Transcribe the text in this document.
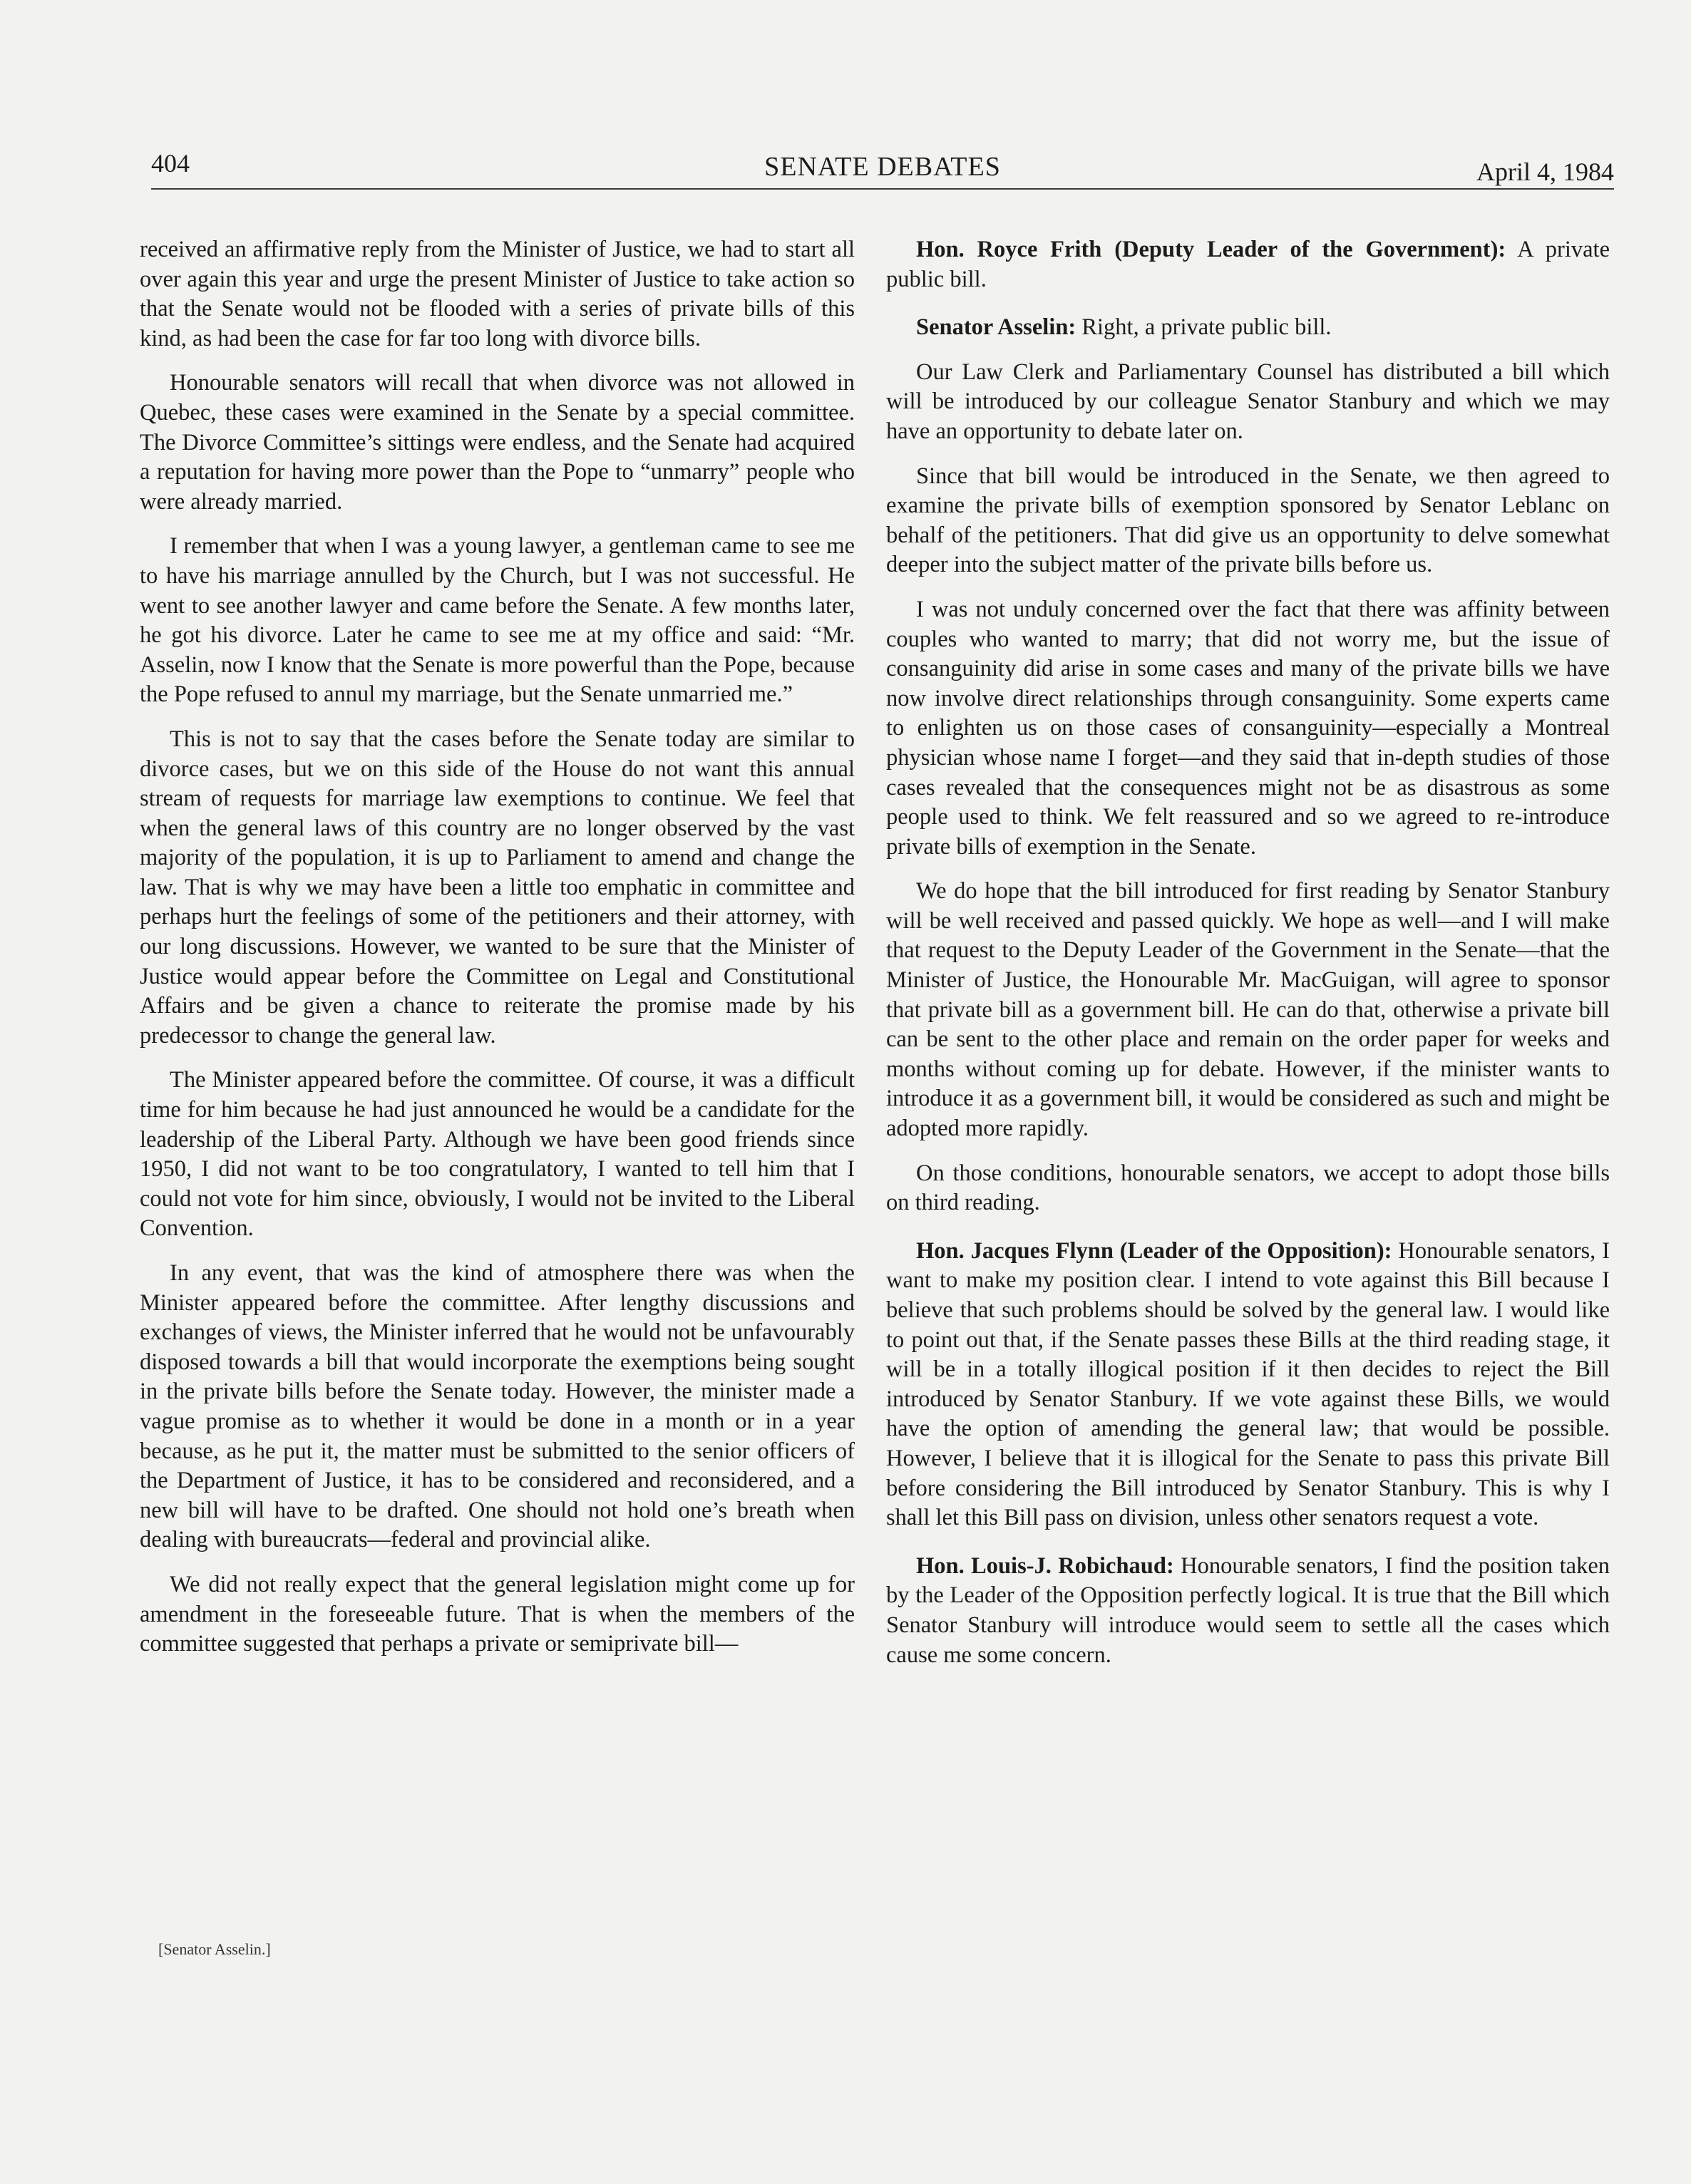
404	SENATE DEBATES	April 4, 1984

received an affirmative reply from the Minister of Justice, we had to start all over again this year and urge the present Minister of Justice to take action so that the Senate would not be flooded with a series of private bills of this kind, as had been the case for far too long with divorce bills.

Honourable senators will recall that when divorce was not allowed in Quebec, these cases were examined in the Senate by a special committee. The Divorce Committee’s sittings were endless, and the Senate had acquired a reputation for having more power than the Pope to “unmarry” people who were already married.

I remember that when I was a young lawyer, a gentleman came to see me to have his marriage annulled by the Church, but I was not successful. He went to see another lawyer and came before the Senate. A few months later, he got his divorce. Later he came to see me at my office and said: “Mr. Asselin, now I know that the Senate is more powerful than the Pope, because the Pope refused to annul my marriage, but the Senate unmarried me.”

This is not to say that the cases before the Senate today are similar to divorce cases, but we on this side of the House do not want this annual stream of requests for marriage law exemptions to continue. We feel that when the general laws of this country are no longer observed by the vast majority of the population, it is up to Parliament to amend and change the law. That is why we may have been a little too emphatic in committee and perhaps hurt the feelings of some of the petitioners and their attorney, with our long discussions. However, we wanted to be sure that the Minister of Justice would appear before the Committee on Legal and Constitutional Affairs and be given a chance to reiterate the promise made by his predecessor to change the general law.

The Minister appeared before the committee. Of course, it was a difficult time for him because he had just announced he would be a candidate for the leadership of the Liberal Party. Although we have been good friends since 1950, I did not want to be too congratulatory, I wanted to tell him that I could not vote for him since, obviously, I would not be invited to the Liberal Convention.

In any event, that was the kind of atmosphere there was when the Minister appeared before the committee. After lengthy discussions and exchanges of views, the Minister inferred that he would not be unfavourably disposed towards a bill that would incorporate the exemptions being sought in the private bills before the Senate today. However, the minister made a vague promise as to whether it would be done in a month or in a year because, as he put it, the matter must be submitted to the senior officers of the Department of Justice, it has to be considered and reconsidered, and a new bill will have to be drafted. One should not hold one’s breath when dealing with bureaucrats—federal and provincial alike.

We did not really expect that the general legislation might come up for amendment in the foreseeable future. That is when the members of the committee suggested that perhaps a private or semiprivate bill—

[Senator Asselin.]

Hon. Royce Frith (Deputy Leader of the Government): A private public bill.

Senator Asselin: Right, a private public bill.

Our Law Clerk and Parliamentary Counsel has distributed a bill which will be introduced by our colleague Senator Stanbury and which we may have an opportunity to debate later on.

Since that bill would be introduced in the Senate, we then agreed to examine the private bills of exemption sponsored by Senator Leblanc on behalf of the petitioners. That did give us an opportunity to delve somewhat deeper into the subject matter of the private bills before us.

I was not unduly concerned over the fact that there was affinity between couples who wanted to marry; that did not worry me, but the issue of consanguinity did arise in some cases and many of the private bills we have now involve direct relationships through consanguinity. Some experts came to enlighten us on those cases of consanguinity—especially a Montreal physician whose name I forget—and they said that in-depth studies of those cases revealed that the consequences might not be as disastrous as some people used to think. We felt reassured and so we agreed to re-introduce private bills of exemption in the Senate.

We do hope that the bill introduced for first reading by Senator Stanbury will be well received and passed quickly. We hope as well—and I will make that request to the Deputy Leader of the Government in the Senate—that the Minister of Justice, the Honourable Mr. MacGuigan, will agree to sponsor that private bill as a government bill. He can do that, otherwise a private bill can be sent to the other place and remain on the order paper for weeks and months without coming up for debate. However, if the minister wants to introduce it as a government bill, it would be considered as such and might be adopted more rapidly.

On those conditions, honourable senators, we accept to adopt those bills on third reading.

Hon. Jacques Flynn (Leader of the Opposition): Honourable senators, I want to make my position clear. I intend to vote against this Bill because I believe that such problems should be solved by the general law. I would like to point out that, if the Senate passes these Bills at the third reading stage, it will be in a totally illogical position if it then decides to reject the Bill introduced by Senator Stanbury. If we vote against these Bills, we would have the option of amending the general law; that would be possible. However, I believe that it is illogical for the Senate to pass this private Bill before considering the Bill introduced by Senator Stanbury. This is why I shall let this Bill pass on division, unless other senators request a vote.

Hon. Louis-J. Robichaud: Honourable senators, I find the position taken by the Leader of the Opposition perfectly logical. It is true that the Bill which Senator Stanbury will introduce would seem to settle all the cases which cause me some concern.
